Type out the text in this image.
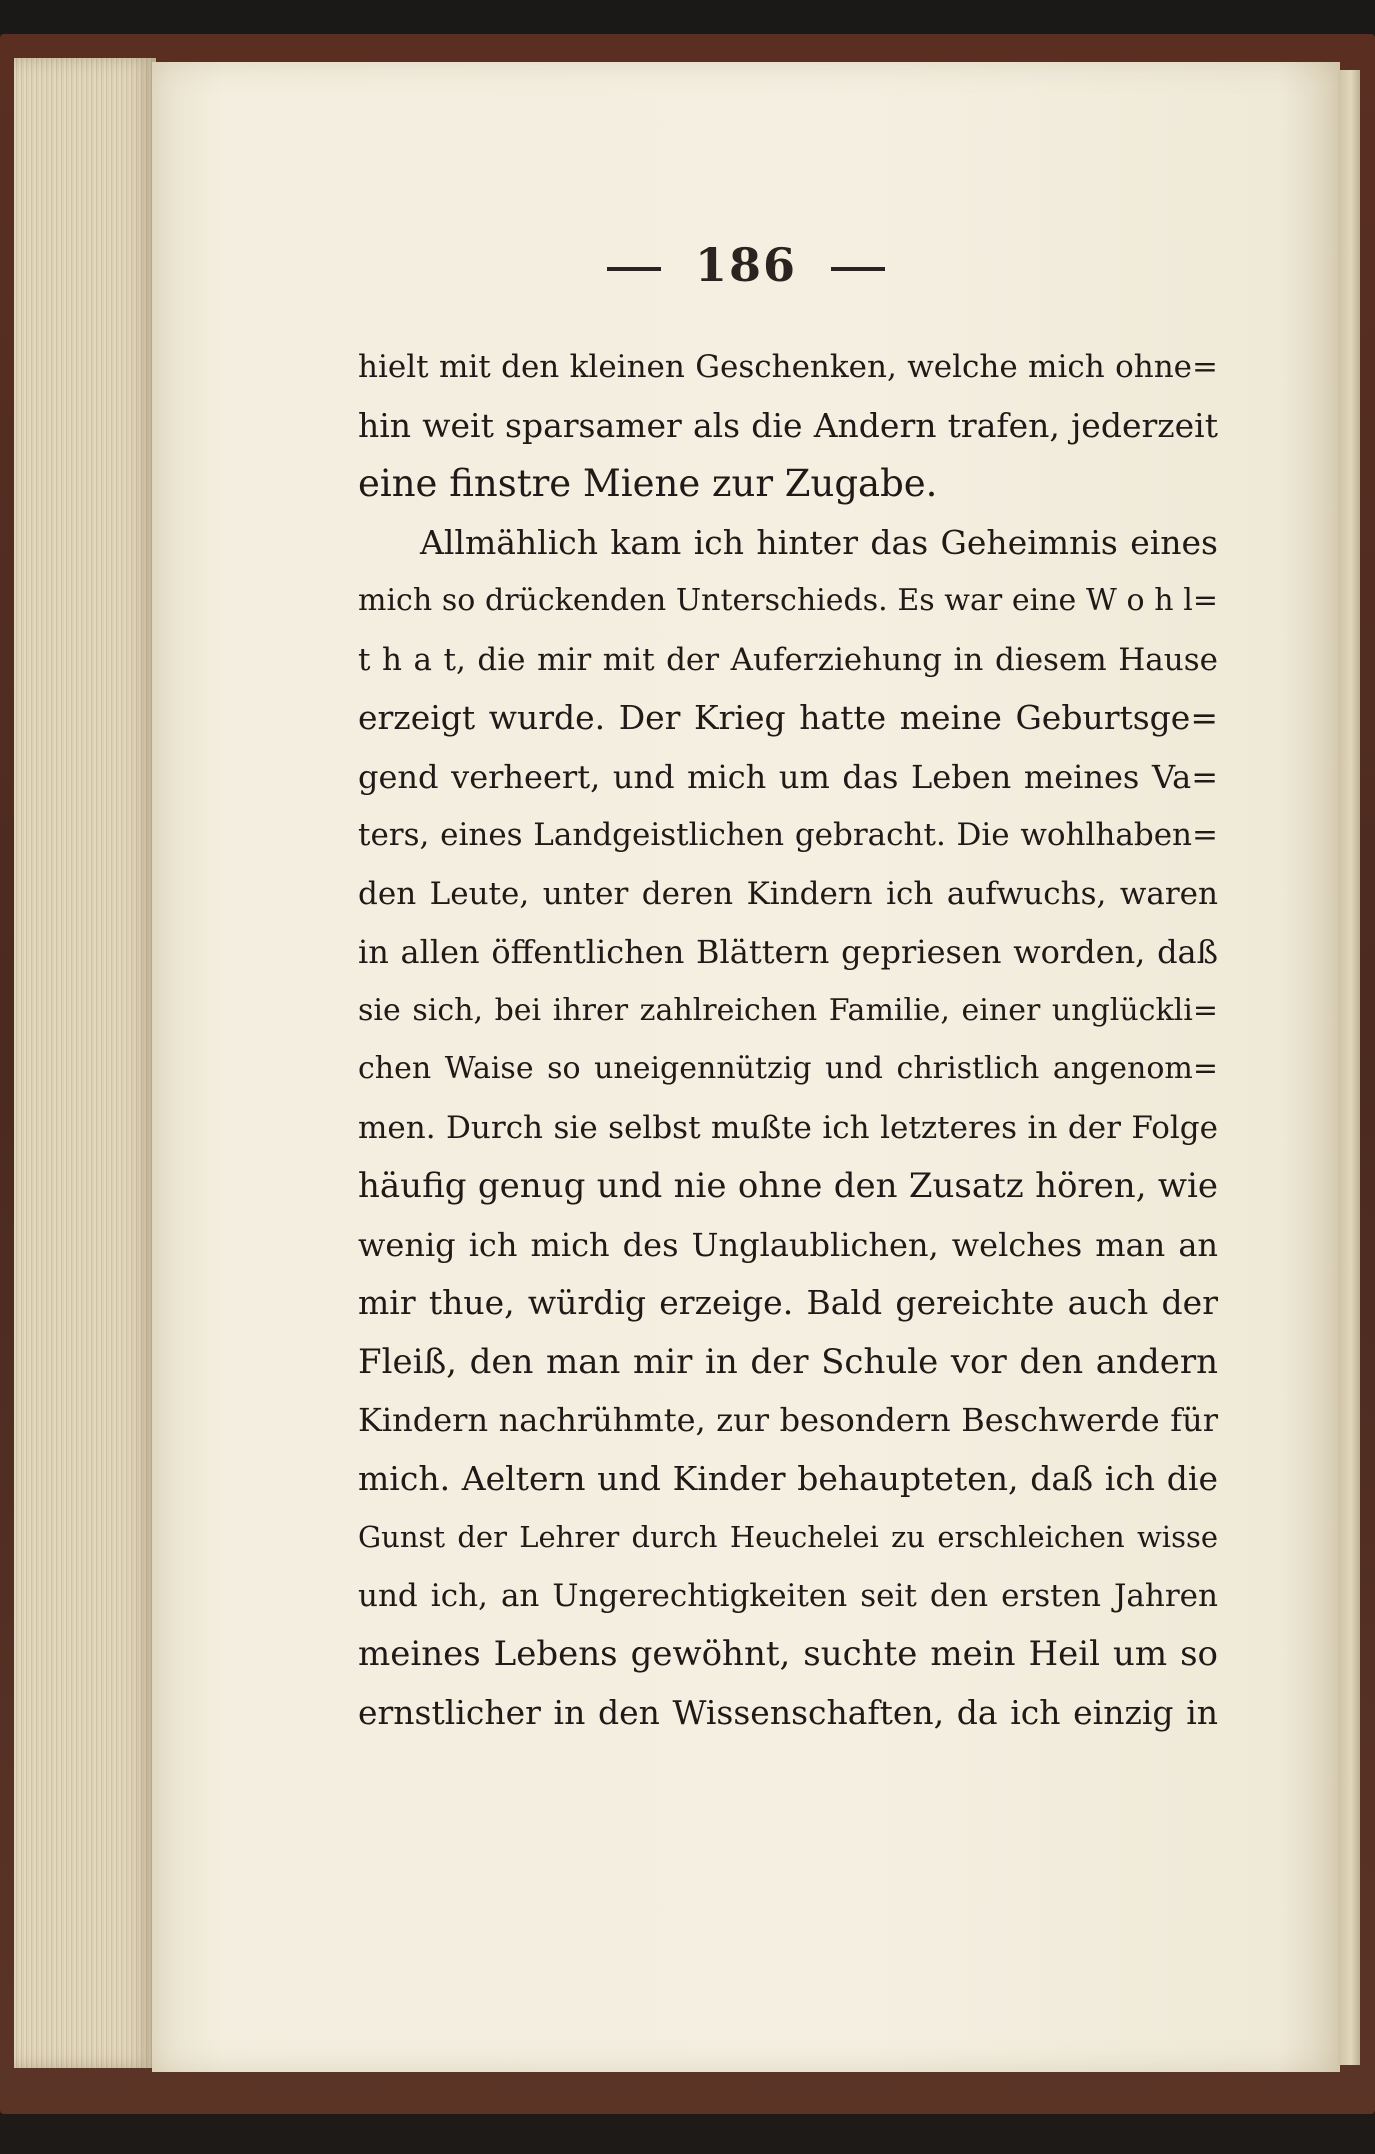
186
hielt mit den kleinen Geschenken, welche mich ohne=
hin weit sparsamer als die Andern trafen, jederzeit
eine finstre Miene zur Zugabe.
Allmählich kam ich hinter das Geheimnis eines
mich so drückenden Unterschieds. Es war eine W o h l=
t h a t, die mir mit der Auferziehung in diesem Hause
erzeigt wurde. Der Krieg hatte meine Geburtsge=
gend verheert, und mich um das Leben meines Va=
ters, eines Landgeistlichen gebracht. Die wohlhaben=
den Leute, unter deren Kindern ich aufwuchs, waren
in allen öffentlichen Blättern gepriesen worden, daß
sie sich, bei ihrer zahlreichen Familie, einer unglückli=
chen Waise so uneigennützig und christlich angenom=
men. Durch sie selbst mußte ich letzteres in der Folge
häufig genug und nie ohne den Zusatz hören, wie
wenig ich mich des Unglaublichen, welches man an
mir thue, würdig erzeige. Bald gereichte auch der
Fleiß, den man mir in der Schule vor den andern
Kindern nachrühmte, zur besondern Beschwerde für
mich. Aeltern und Kinder behaupteten, daß ich die
Gunst der Lehrer durch Heuchelei zu erschleichen wisse
und ich, an Ungerechtigkeiten seit den ersten Jahren
meines Lebens gewöhnt, suchte mein Heil um so
ernstlicher in den Wissenschaften, da ich einzig in
